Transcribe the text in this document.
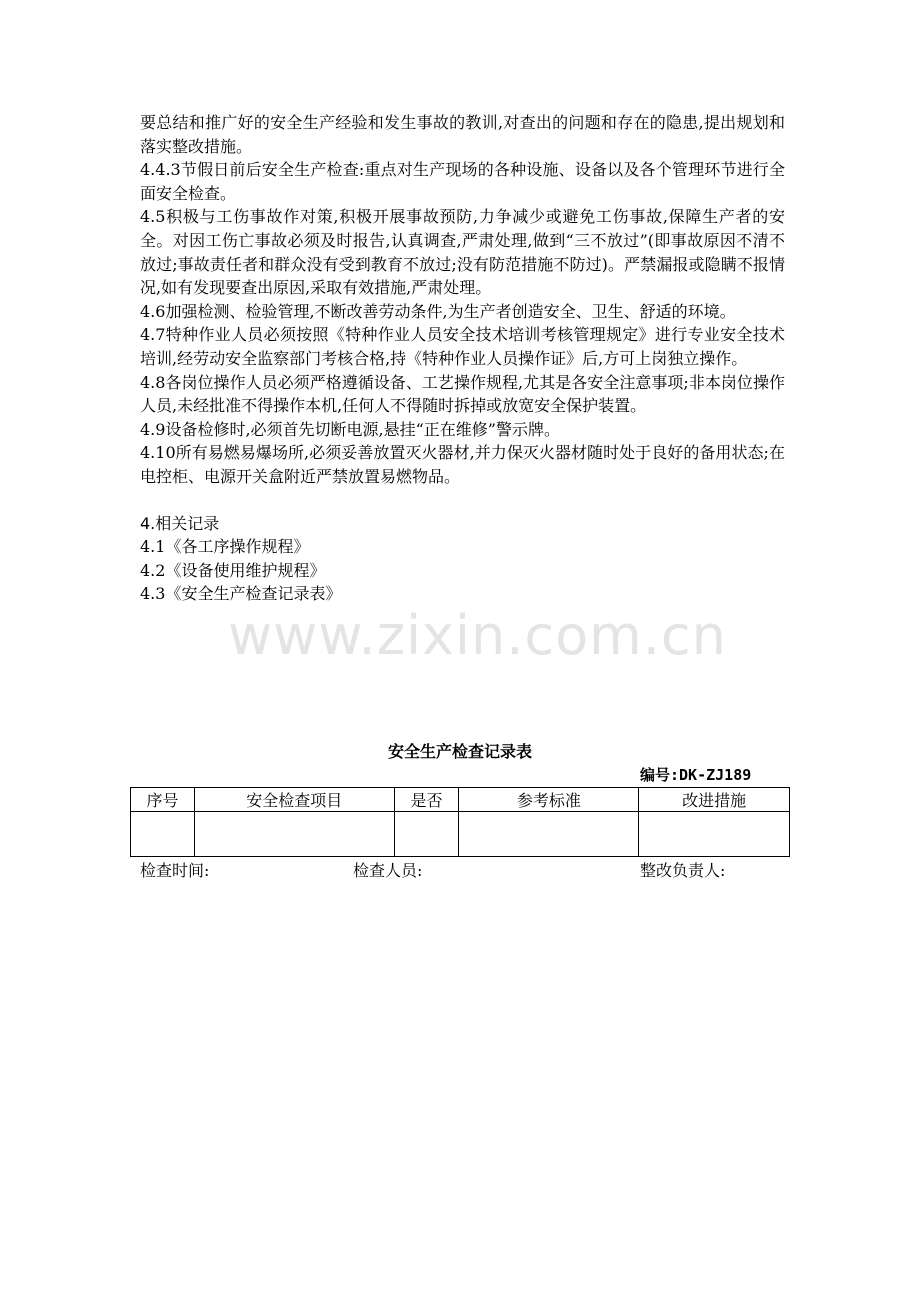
要总结和推广好的安全生产经验和发生事故的教训,对查出的问题和存在的隐患,提出规划和落实整改措施。

4.4.3节假日前后安全生产检查:重点对生产现场的各种设施、设备以及各个管理环节进行全面安全检查。

4.5积极与工伤事故作对策,积极开展事故预防,力争减少或避免工伤事故,保障生产者的安全。对因工伤亡事故必须及时报告,认真调查,严肃处理,做到“三不放过”(即事故原因不清不放过;事故责任者和群众没有受到教育不放过;没有防范措施不防过)。严禁漏报或隐瞒不报情况,如有发现要查出原因,采取有效措施,严肃处理。

4.6加强检测、检验管理,不断改善劳动条件,为生产者创造安全、卫生、舒适的环境。

4.7特种作业人员必须按照《特种作业人员安全技术培训考核管理规定》进行专业安全技术培训,经劳动安全监察部门考核合格,持《特种作业人员操作证》后,方可上岗独立操作。

4.8各岗位操作人员必须严格遵循设备、工艺操作规程,尤其是各安全注意事项;非本岗位操作人员,未经批准不得操作本机,任何人不得随时拆掉或放宽安全保护装置。

4.9设备检修时,必须首先切断电源,悬挂“正在维修”警示牌。

4.10所有易燃易爆场所,必须妥善放置灭火器材,并力保灭火器材随时处于良好的备用状态;在电控柜、电源开关盒附近严禁放置易燃物品。

4.相关记录

4.1《各工序操作规程》

4.2《设备使用维护规程》

4.3《安全生产检查记录表》

www.zixin.com.cn
安全生产检查记录表
编号:DK-ZJ189
序号	安全检查项目	是否	参考标准	改进措施

检查时间:	检查人员:	整改负责人:
